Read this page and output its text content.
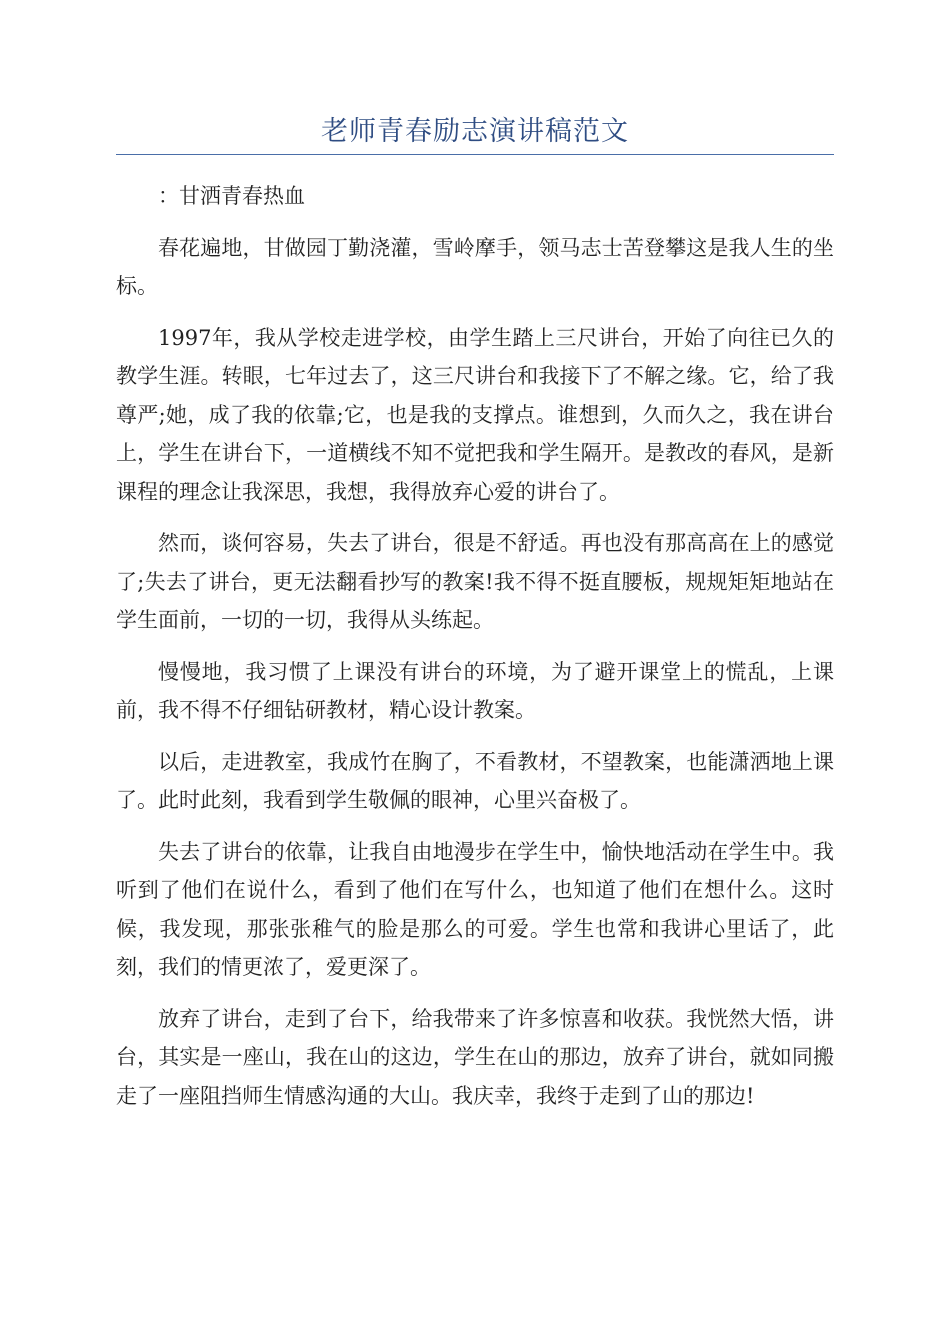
老师青春励志演讲稿范文

：甘洒青春热血

春花遍地，甘做园丁勤浇灌，雪岭摩手，领马志士苦登攀这是我人生的坐标。

1997年，我从学校走进学校，由学生踏上三尺讲台，开始了向往已久的教学生涯。转眼，七年过去了，这三尺讲台和我接下了不解之缘。它，给了我尊严;她，成了我的依靠;它，也是我的支撑点。谁想到，久而久之，我在讲台上，学生在讲台下，一道横线不知不觉把我和学生隔开。是教改的春风，是新课程的理念让我深思，我想，我得放弃心爱的讲台了。

然而，谈何容易，失去了讲台，很是不舒适。再也没有那高高在上的感觉了;失去了讲台，更无法翻看抄写的教案!我不得不挺直腰板，规规矩矩地站在学生面前，一切的一切，我得从头练起。

慢慢地，我习惯了上课没有讲台的环境，为了避开课堂上的慌乱，上课前，我不得不仔细钻研教材，精心设计教案。

以后，走进教室，我成竹在胸了，不看教材，不望教案，也能潇洒地上课了。此时此刻，我看到学生敬佩的眼神，心里兴奋极了。

失去了讲台的依靠，让我自由地漫步在学生中，愉快地活动在学生中。我听到了他们在说什么，看到了他们在写什么，也知道了他们在想什么。这时候，我发现，那张张稚气的脸是那么的可爱。学生也常和我讲心里话了，此刻，我们的情更浓了，爱更深了。

放弃了讲台，走到了台下，给我带来了许多惊喜和收获。我恍然大悟，讲台，其实是一座山，我在山的这边，学生在山的那边，放弃了讲台，就如同搬走了一座阻挡师生情感沟通的大山。我庆幸，我终于走到了山的那边!
